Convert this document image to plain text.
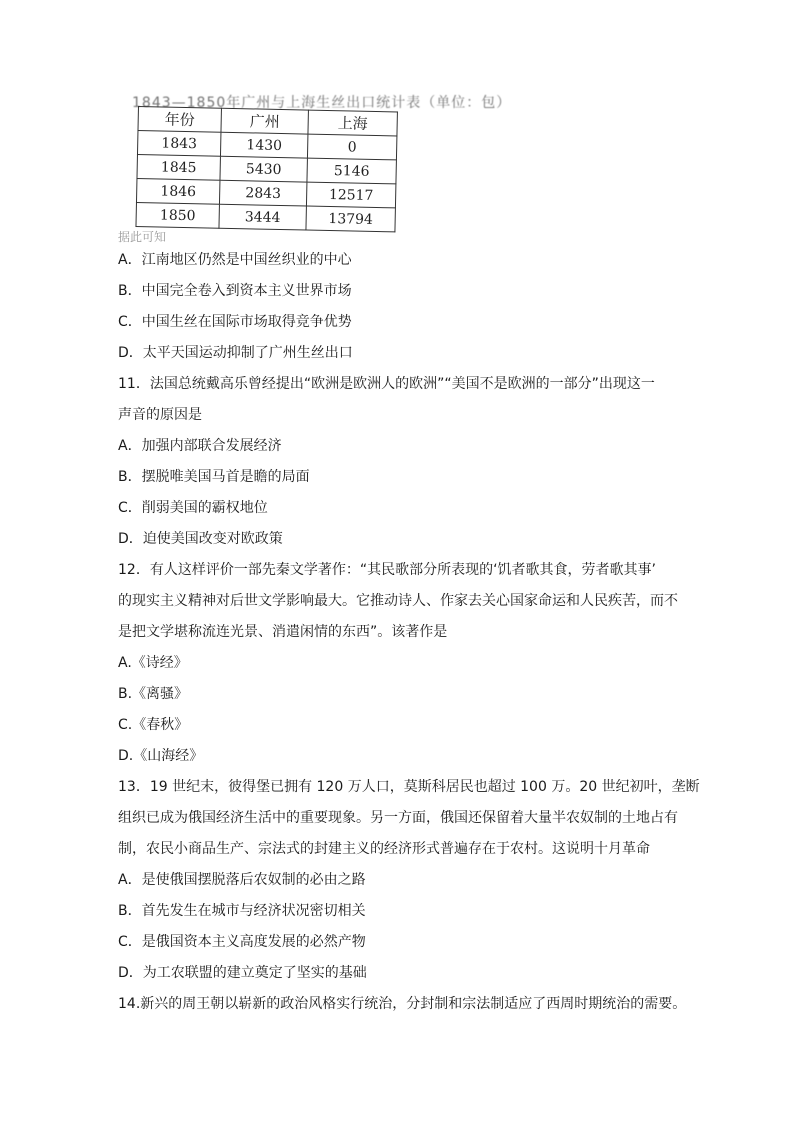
1843—1850年广州与上海生丝出口统计表（单位：包）
年份	广州	上海
1843	1430	0
1845	5430	5146
1846	2843	12517
1850	3444	13794
据此可知
A．江南地区仍然是中国丝织业的中心
B．中国完全卷入到资本主义世界市场
C．中国生丝在国际市场取得竞争优势
D．太平天国运动抑制了广州生丝出口
11．法国总统戴高乐曾经提出“欧洲是欧洲人的欧洲”“美国不是欧洲的一部分”出现这一
声音的原因是
A．加强内部联合发展经济
B．摆脱唯美国马首是瞻的局面
C．削弱美国的霸权地位
D．迫使美国改变对欧政策
12．有人这样评价一部先秦文学著作：“其民歌部分所表现的‘饥者歌其食，劳者歌其事’
的现实主义精神对后世文学影响最大。它推动诗人、作家去关心国家命运和人民疾苦，而不
是把文学堪称流连光景、消遣闲情的东西”。该著作是
A.《诗经》
B.《离骚》
C.《春秋》
D.《山海经》
13．19 世纪末，彼得堡已拥有 120 万人口，莫斯科居民也超过 100 万。20 世纪初叶，垄断
组织已成为俄国经济生活中的重要现象。另一方面，俄国还保留着大量半农奴制的土地占有
制，农民小商品生产、宗法式的封建主义的经济形式普遍存在于农村。这说明十月革命
A．是使俄国摆脱落后农奴制的必由之路
B．首先发生在城市与经济状况密切相关
C．是俄国资本主义高度发展的必然产物
D．为工农联盟的建立奠定了坚实的基础
14.新兴的周王朝以崭新的政治风格实行统治，分封制和宗法制适应了西周时期统治的需要。
